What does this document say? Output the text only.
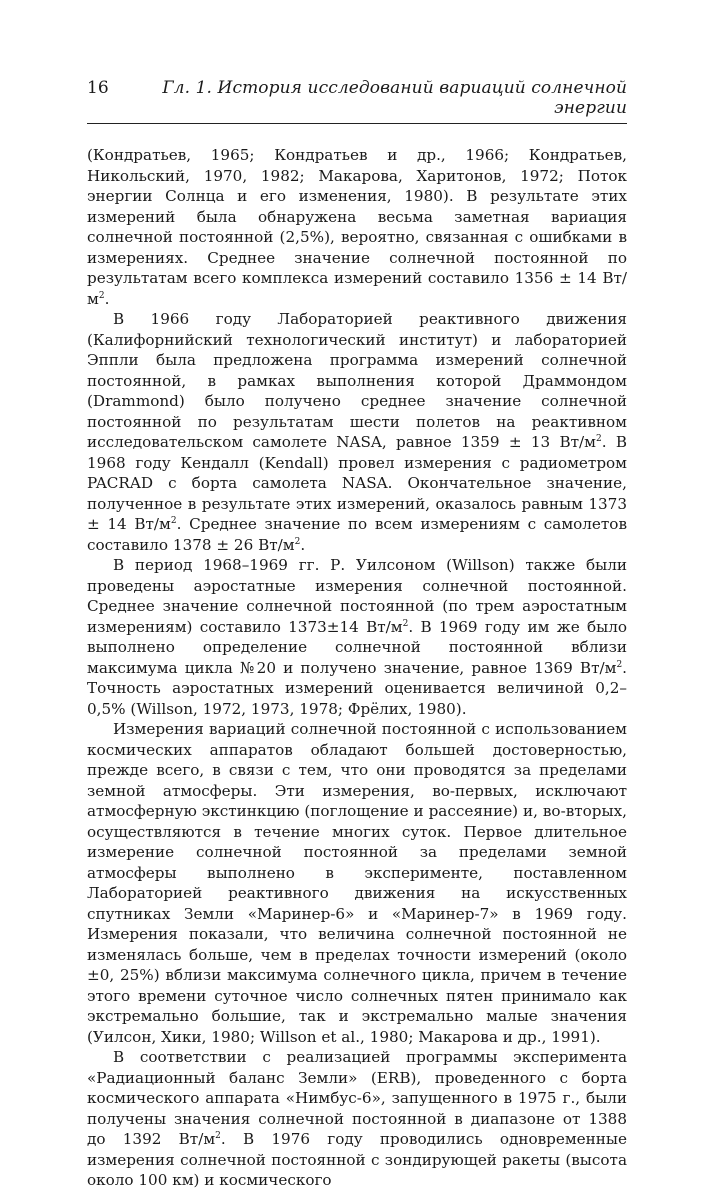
16	Гл. 1. История исследований вариаций солнечной энергии

(Кондратьев, 1965; Кондратьев и др., 1966; Кондратьев, Никольский, 1970, 1982; Макарова, Харитонов, 1972; Поток энергии Солнца и его изменения, 1980). В результате этих измерений была обнаружена весьма заметная вариация солнечной постоянной (2,5%), вероятно, связанная с ошибками в измерениях. Среднее значение солнечной постоянной по результатам всего комплекса измерений составило 1356 ± 14 $Вт/м^2$.

В 1966 году Лабораторией реактивного движения (Калифорнийский технологический институт) и лабораторией Эппли была предложена программа измерений солнечной постоянной, в рамках выполнения которой Драммондом (Drammond) было получено среднее значение солнечной постоянной по результатам шести полетов на реактивном исследовательском самолете NASA, равное 1359 ± 13 $Вт/м^2$. В 1968 году Кендалл (Kendall) провел измерения с радиометром PACRAD с борта самолета NASA. Окончательное значение, полученное в результате этих измерений, оказалось равным 1373 ± 14 $Вт/м^2$. Среднее значение по всем измерениям с самолетов составило 1378 ± 26 $Вт/м^2$.

В период 1968–1969 гг. Р. Уилсоном (Willson) также были проведены аэростатные измерения солнечной постоянной. Среднее значение солнечной постоянной (по трем аэростатным измерениям) составило 1373±14 $Вт/м^2$. В 1969 году им же было выполнено определение солнечной постоянной вблизи максимума цикла №20 и получено значение, равное 1369 $Вт/м^2$. Точность аэростатных измерений оценивается величиной 0,2–0,5% (Willson, 1972, 1973, 1978; Фрёлих, 1980).

Измерения вариаций солнечной постоянной с использованием космических аппаратов обладают большей достоверностью, прежде всего, в связи с тем, что они проводятся за пределами земной атмосферы. Эти измерения, во-первых, исключают атмосферную экстинкцию (поглощение и рассеяние) и, во-вторых, осуществляются в течение многих суток. Первое длительное измерение солнечной постоянной за пределами земной атмосферы выполнено в эксперименте, поставленном Лабораторией реактивного движения на искусственных спутниках Земли «Маринер-6» и «Маринер-7» в 1969 году. Измерения показали, что величина солнечной постоянной не изменялась больше, чем в пределах точности измерений (около ±0, 25%) вблизи максимума солнечного цикла, причем в течение этого времени суточное число солнечных пятен принимало как экстремально большие, так и экстремально малые значения (Уилсон, Хики, 1980; Willson et al., 1980; Макарова и др., 1991).

В соответствии с реализацией программы эксперимента «Радиационный баланс Земли» (ERB), проведенного с борта космического аппарата «Нимбус-6», запущенного в 1975 г., были получены значения солнечной постоянной в диапазоне от 1388 до 1392 $Вт/м^2$. В 1976 году проводились одновременные измерения солнечной постоянной с зондирующей ракеты (высота около 100 км) и космического
